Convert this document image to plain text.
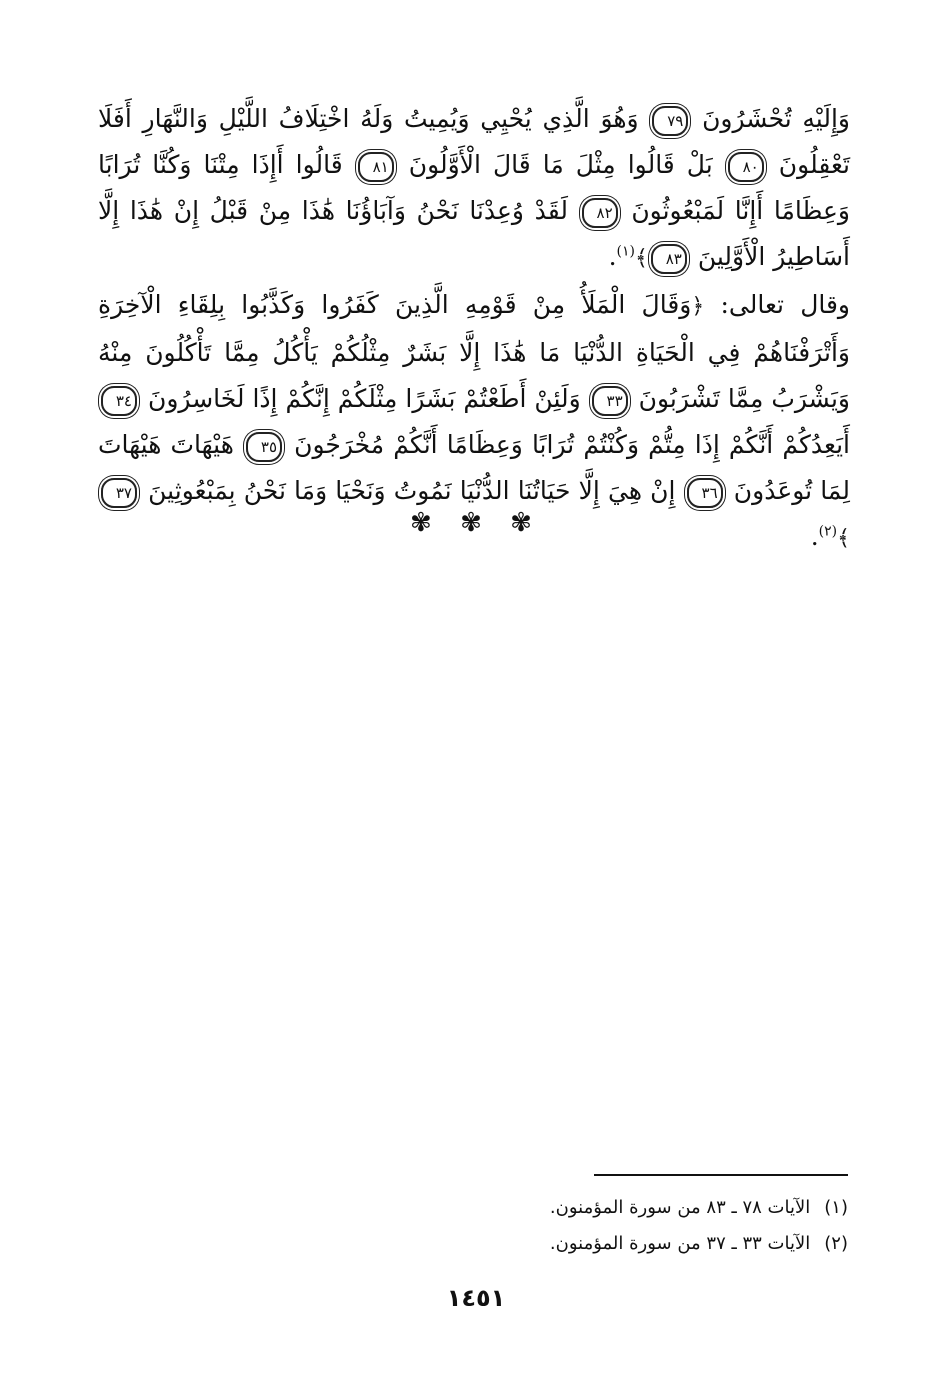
وَإِلَيْهِ تُحْشَرُونَ ٧٩ وَهُوَ الَّذِي يُحْيِي وَيُمِيتُ وَلَهُ اخْتِلَافُ اللَّيْلِ وَالنَّهَارِ أَفَلَا تَعْقِلُونَ ٨٠ بَلْ قَالُوا مِثْلَ مَا قَالَ الْأَوَّلُونَ ٨١ قَالُوا أَإِذَا مِتْنَا وَكُنَّا تُرَابًا وَعِظَامًا أَإِنَّا لَمَبْعُوثُونَ ٨٢ لَقَدْ وُعِدْنَا نَحْنُ وَآبَاؤُنَا هَٰذَا مِنْ قَبْلُ إِنْ هَٰذَا إِلَّا أَسَاطِيرُ الْأَوَّلِينَ ٨٣﴾$^{(١)}$.
وقال تعالى: ﴿وَقَالَ الْمَلَأُ مِنْ قَوْمِهِ الَّذِينَ كَفَرُوا وَكَذَّبُوا بِلِقَاءِ الْآخِرَةِ وَأَتْرَفْنَاهُمْ فِي الْحَيَاةِ الدُّنْيَا مَا هَٰذَا إِلَّا بَشَرٌ مِثْلُكُمْ يَأْكُلُ مِمَّا تَأْكُلُونَ مِنْهُ وَيَشْرَبُ مِمَّا تَشْرَبُونَ ٣٣ وَلَئِنْ أَطَعْتُمْ بَشَرًا مِثْلَكُمْ إِنَّكُمْ إِذًا لَخَاسِرُونَ ٣٤ أَيَعِدُكُمْ أَنَّكُمْ إِذَا مِتُّمْ وَكُنْتُمْ تُرَابًا وَعِظَامًا أَنَّكُمْ مُخْرَجُونَ ٣٥ هَيْهَاتَ هَيْهَاتَ لِمَا تُوعَدُونَ ٣٦ إِنْ هِيَ إِلَّا حَيَاتُنَا الدُّنْيَا نَمُوتُ وَنَحْيَا وَمَا نَحْنُ بِمَبْعُوثِينَ ٣٧﴾$^{(٢)}$.
✾ ✾ ✾
(١)الآيات ٧٨ ـ ٨٣ من سورة المؤمنون.
(٢)الآيات ٣٣ ـ ٣٧ من سورة المؤمنون.
١٤٥١
